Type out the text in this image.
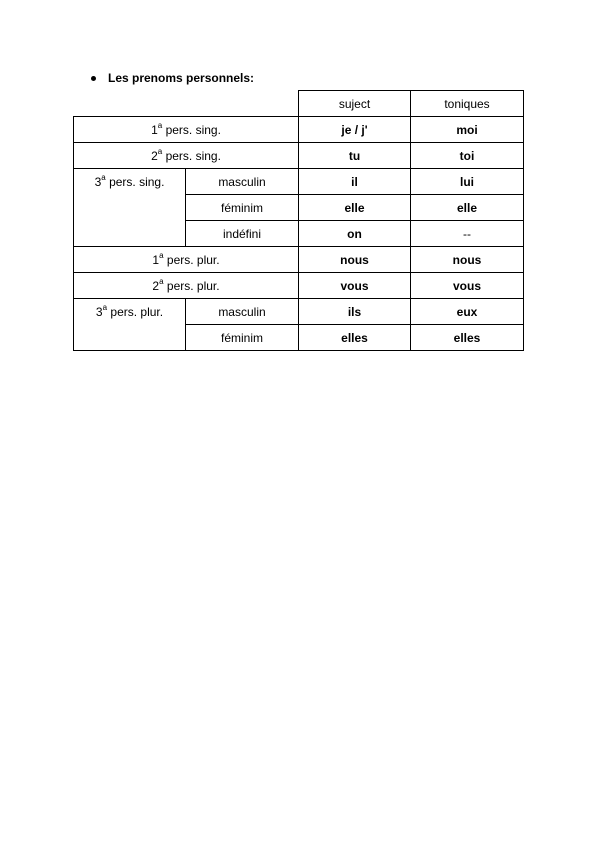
Les prenoms personnels:
		suject	toniques
1$^a$ pers. sing.		je / j'	moi
2$^a$ pers. sing.		tu	toi
3$^a$ pers. sing.	masculin	il	lui
	féminim	elle	elle
	indéfini	on	--
1$^a$ pers. plur.		nous	nous
2$^a$ pers. plur.		vous	vous
3$^a$ pers. plur.	masculin	ils	eux
	féminim	elles	elles
